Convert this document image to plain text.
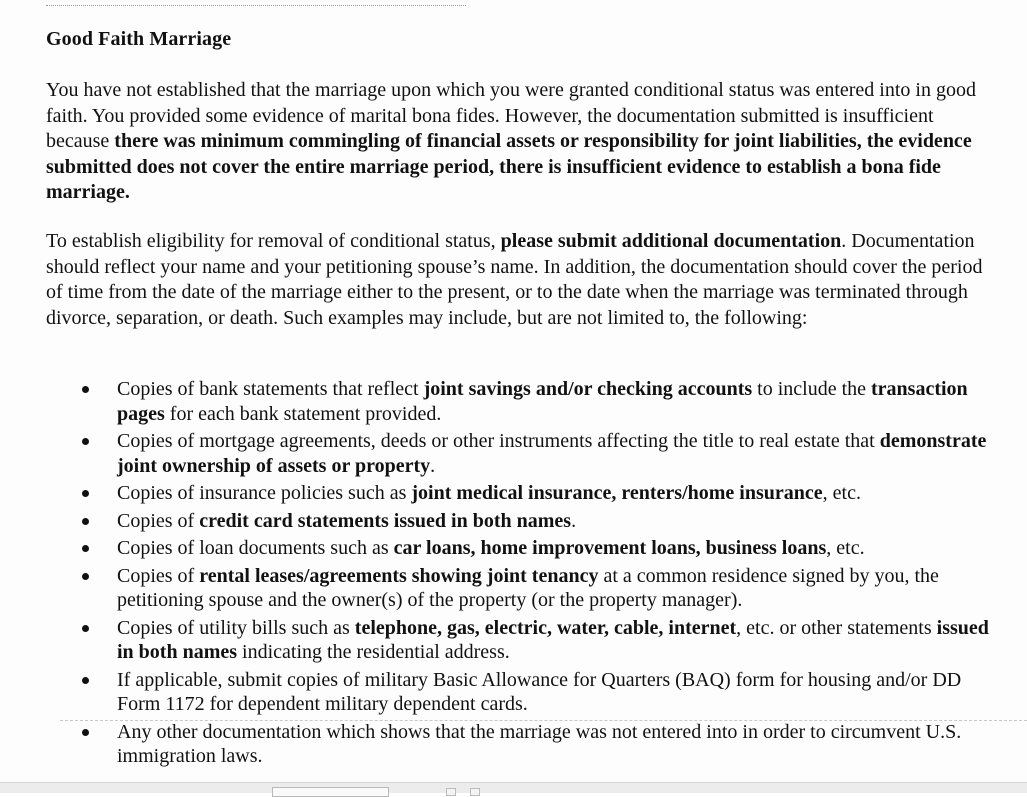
Good Faith Marriage
You have not established that the marriage upon which you were granted conditional status was entered into in good faith. You provided some evidence of marital bona fides. However, the documentation submitted is insufficient because there was minimum commingling of financial assets or responsibility for joint liabilities, the evidence submitted does not cover the entire marriage period, there is insufficient evidence to establish a bona fide marriage.
To establish eligibility for removal of conditional status, please submit additional documentation. Documentation should reflect your name and your petitioning spouse’s name. In addition, the documentation should cover the period of time from the date of the marriage either to the present, or to the date when the marriage was terminated through divorce, separation, or death. Such examples may include, but are not limited to, the following:
Copies of bank statements that reflect joint savings and/or checking accounts to include the transaction pages for each bank statement provided.
Copies of mortgage agreements, deeds or other instruments affecting the title to real estate that demonstrate joint ownership of assets or property.
Copies of insurance policies such as joint medical insurance, renters/home insurance, etc.
Copies of credit card statements issued in both names.
Copies of loan documents such as car loans, home improvement loans, business loans, etc.
Copies of rental leases/agreements showing joint tenancy at a common residence signed by you, the petitioning spouse and the owner(s) of the property (or the property manager).
Copies of utility bills such as telephone, gas, electric, water, cable, internet, etc. or other statements issued in both names indicating the residential address.
If applicable, submit copies of military Basic Allowance for Quarters (BAQ) form for housing and/or DD Form 1172 for dependent military dependent cards.
Any other documentation which shows that the marriage was not entered into in order to circumvent U.S. immigration laws.
